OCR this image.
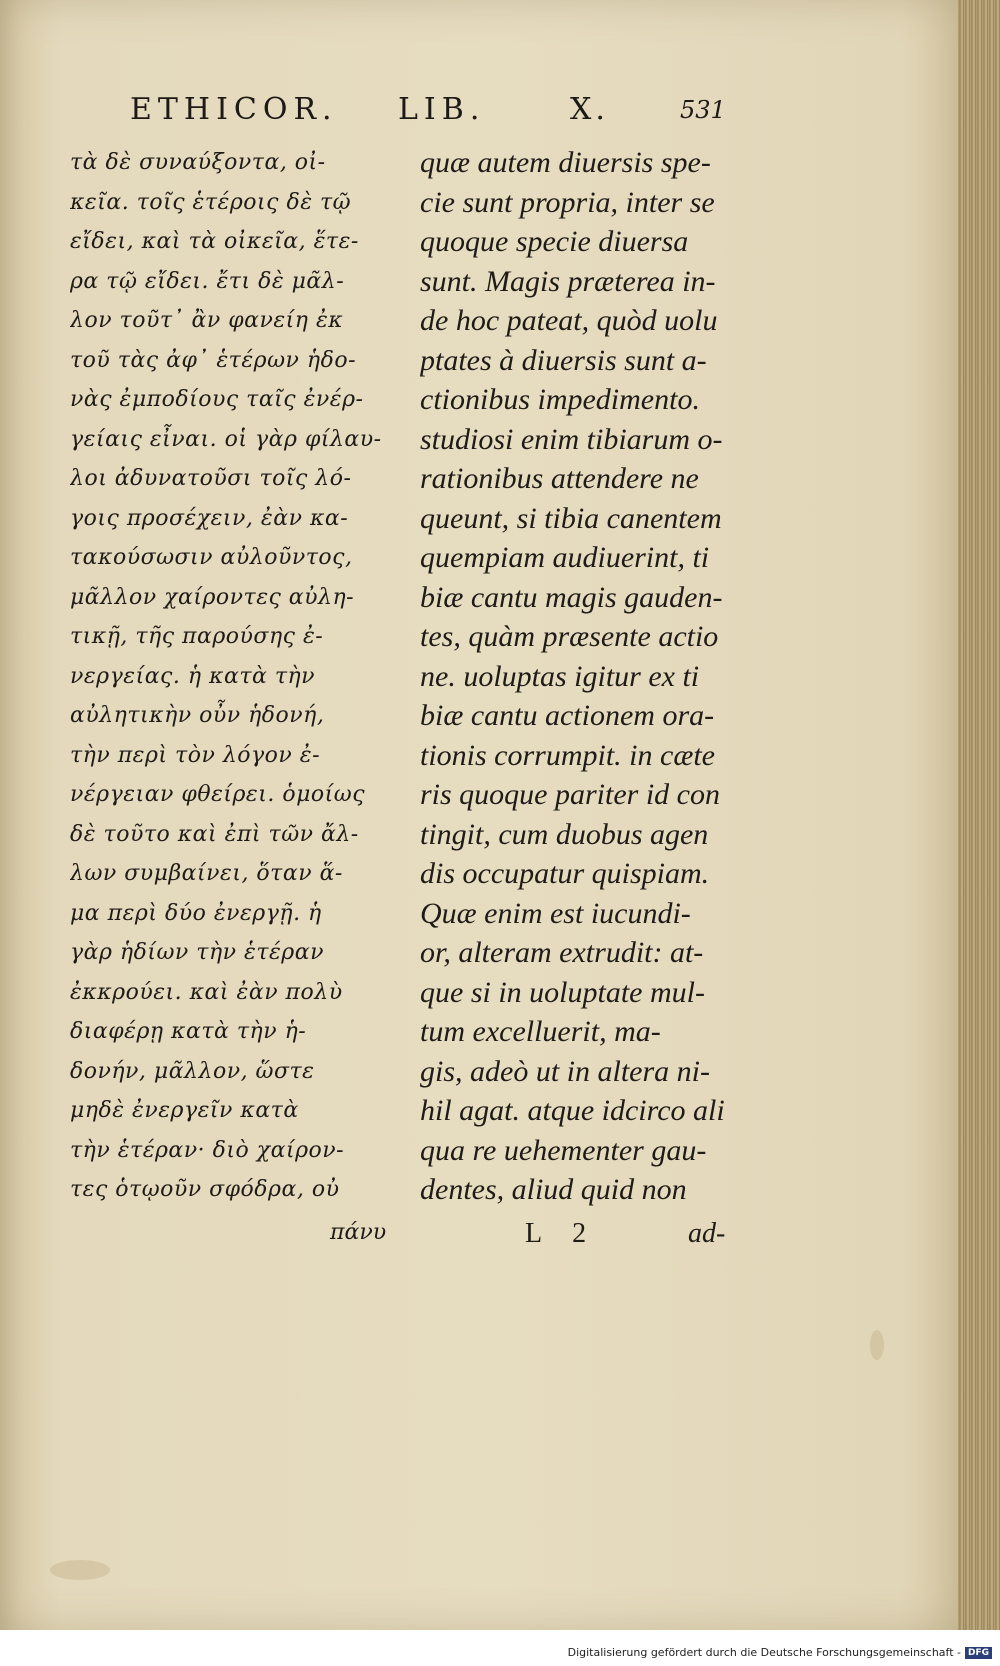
ETHICOR. LIB.	X.	531
τὰ δὲ συναύξοντα, οἰ-
κεῖα. τοῖς ἑτέροις δὲ τῷ
εἴδει, καὶ τὰ οἰκεῖα, ἕτε-
ρα τῷ εἴδει. ἔτι δὲ μᾶλ-
λον τοῦτ᾽ ἂν φανείη ἐκ
τοῦ τὰς ἀφ᾽ ἑτέρων ἡδο-
νὰς ἐμποδίους ταῖς ἐνέρ-
γείαις εἶναι. οἱ γὰρ φίλαυ-
λοι ἀδυνατοῦσι τοῖς λό-
γοις προσέχειν, ἐὰν κα-
τακούσωσιν αὐλοῦντος,
μᾶλλον χαίροντες αὐλη-
τικῇ, τῆς παρούσης ἐ-
νεργείας. ἡ κατὰ τὴν
αὐλητικὴν οὖν ἡδονή,
τὴν περὶ τὸν λόγον ἐ-
νέργειαν φθείρει. ὁμοίως
δὲ τοῦτο καὶ ἐπὶ τῶν ἄλ-
λων συμβαίνει, ὅταν ἅ-
μα περὶ δύο ἐνεργῇ. ἡ
γὰρ ἡδίων τὴν ἑτέραν
ἐκκρούει. καὶ ἐὰν πολὺ
διαφέρῃ κατὰ τὴν ἡ-
δονήν, μᾶλλον, ὥστε
μηδὲ ἐνεργεῖν κατὰ
τὴν ἑτέραν· διὸ χαίρον-
τες ὁτῳοῦν σφόδρα, οὐ
quæ autem diuersis spe-
cie sunt propria, inter se
quoque specie diuersa
sunt. Magis præterea in-
de hoc pateat, quòd uolu
ptates à diuersis sunt a-
ctionibus impedimento.
studiosi enim tibiarum o-
rationibus attendere ne
queunt, si tibia canentem
quempiam audiuerint, ti
biæ cantu magis gauden-
tes, quàm præsente actio
ne. uoluptas igitur ex ti
biæ cantu actionem ora-
tionis corrumpit. in cæte
ris quoque pariter id con
tingit, cum duobus agen
dis occupatur quispiam.
Quæ enim est iucundi-
or, alteram extrudit: at-
que si in uoluptate mul-
tum excelluerit, ma-
gis, adeò ut in altera ni-
hil agat. atque idcirco ali
qua re uehementer gau-
dentes, aliud quid non
πάνυ	L 2	ad-
Digitalisierung gefördert durch die Deutsche Forschungsgemeinschaft - DFG
